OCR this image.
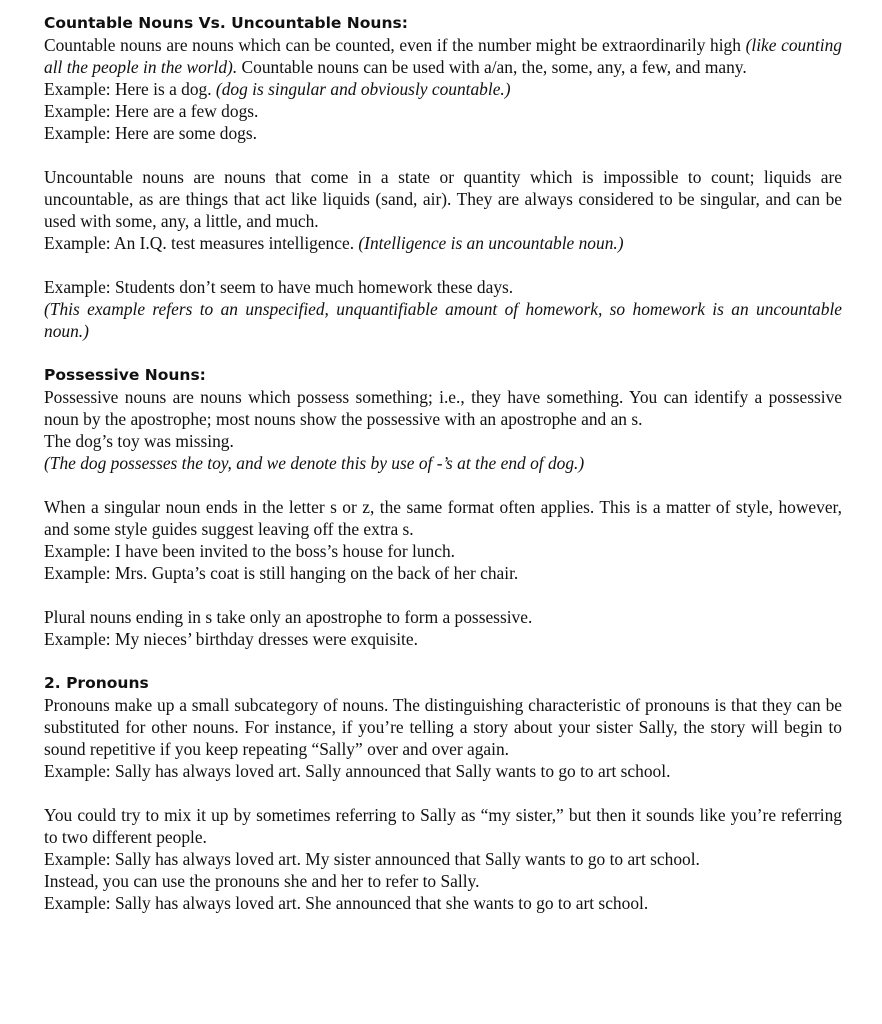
Countable Nouns Vs. Uncountable Nouns:

Countable nouns are nouns which can be counted, even if the number might be extraordinarily high (like counting all the people in the world). Countable nouns can be used with a/an, the, some, any, a few, and many.

Example: Here is a dog. (dog is singular and obviously countable.)

Example: Here are a few dogs.

Example: Here are some dogs.

Uncountable nouns are nouns that come in a state or quantity which is impossible to count; liquids are uncountable, as are things that act like liquids (sand, air). They are always considered to be singular, and can be used with some, any, a little, and much.

Example: An I.Q. test measures intelligence. (Intelligence is an uncountable noun.)

Example: Students don’t seem to have much homework these days.

(This example refers to an unspecified, unquantifiable amount of homework, so homework is an uncountable noun.)

Possessive Nouns:

Possessive nouns are nouns which possess something; i.e., they have something. You can identify a possessive noun by the apostrophe; most nouns show the possessive with an apostrophe and an s.

The dog’s toy was missing.

(The dog possesses the toy, and we denote this by use of -’s at the end of dog.)

When a singular noun ends in the letter s or z, the same format often applies. This is a matter of style, however, and some style guides suggest leaving off the extra s.

Example: I have been invited to the boss’s house for lunch.

Example: Mrs. Gupta’s coat is still hanging on the back of her chair.

Plural nouns ending in s take only an apostrophe to form a possessive.

Example: My nieces’ birthday dresses were exquisite.

2. Pronouns

Pronouns make up a small subcategory of nouns. The distinguishing characteristic of pronouns is that they can be substituted for other nouns. For instance, if you’re telling a story about your sister Sally, the story will begin to sound repetitive if you keep repeating “Sally” over and over again.

Example: Sally has always loved art. Sally announced that Sally wants to go to art school.

You could try to mix it up by sometimes referring to Sally as “my sister,” but then it sounds like you’re referring to two different people.

Example: Sally has always loved art. My sister announced that Sally wants to go to art school.

Instead, you can use the pronouns she and her to refer to Sally.

Example: Sally has always loved art. She announced that she wants to go to art school.
